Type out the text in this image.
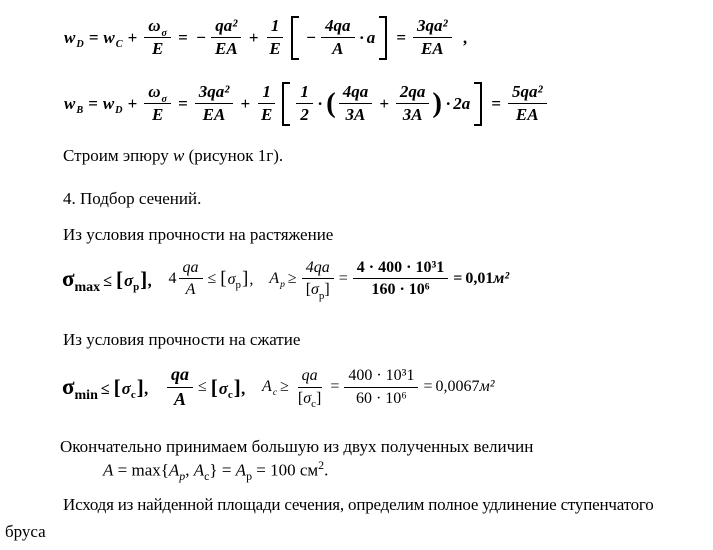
w D = w $C + \frac{\omega_\sigma}{E}$ = − $\frac{\text{qa²}}{EA} + \frac{1}{E} - \frac{4qa}{A} \cdot a = \frac{\text{3qa²}}{EA}$ ,
w B = w $D + \frac{\omega_\sigma}{E} = \frac{\text{3qa²}}{EA} + \frac{1}{E} \frac{1}{2}$ · ( $\frac{4qa}{3A} + \frac{2qa}{3A}$ ) · $2a = \frac{\text{5qa²}}{EA}$
Строим эпюру w (рисунок 1г).
4. Подбор сечений.
Из условия прочности на растяжение
σ max ≤ [ σ p ] , $4 \frac{qa}{A}$ ≤ [ σ p ] , A $p \ge \frac{4qa}{[\sigma_p]} = \frac{\text{4 · 400 · 10³1}}{\text{160 · 10⁶}} = 0,01$ м²
Из условия прочности на сжатие
σ min ≤ [ σ c ] , $\frac{qa}{A}$ ≤ [ σ c ] , A $c \ge \frac{qa}{[\sigma_c]} = \frac{\text{400 · 10³1}}{\text{60 · 10⁶}} = 0,0067$ м²
Окончательно принимаем большую из двух полученных величин
$A = \max\{A_p$, $A_c\} = A_p = 100$ $см^2$.
Исходя из найденной площади сечения, определим полное удлинение ступенчатого
бруса
